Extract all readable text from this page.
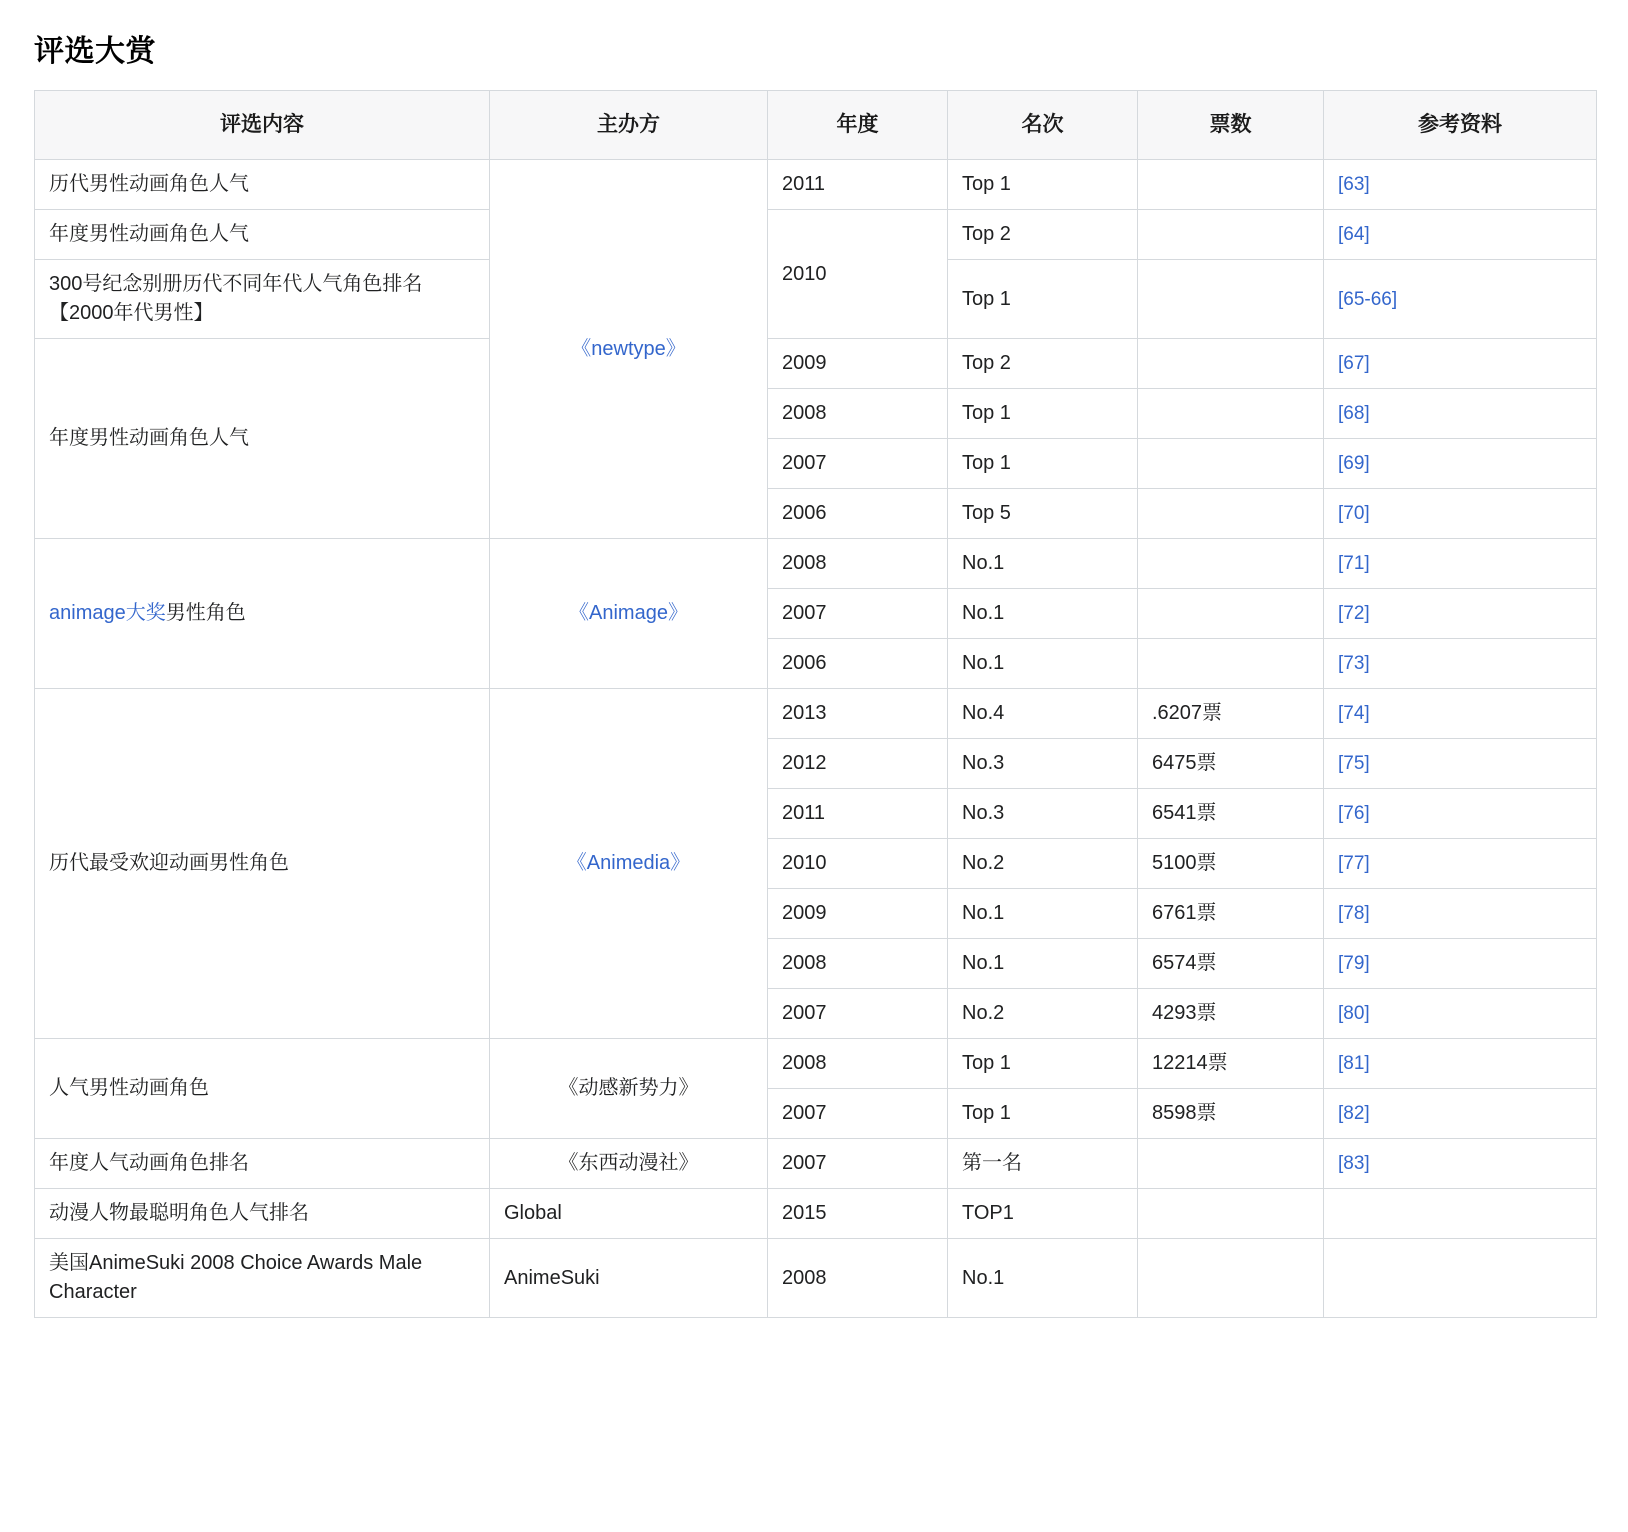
评选大赏
评选内容	主办方	年度	名次	票数	参考资料
历代男性动画角色人气	《newtype》	2011	Top 1		[63]
年度男性动画角色人气		2010	Top 2		[64]
300号纪念别册历代不同年代人气角色排名【2000年代男性】			Top 1		[65-66]
年度男性动画角色人气		2009	Top 2		[67]
		2008	Top 1		[68]
		2007	Top 1		[69]
		2006	Top 5		[70]
animage大奖男性角色	《Animage》	2008	No.1		[71]
		2007	No.1		[72]
		2006	No.1		[73]
历代最受欢迎动画男性角色	《Animedia》	2013	No.4	.6207票	[74]
		2012	No.3	6475票	[75]
		2011	No.3	6541票	[76]
		2010	No.2	5100票	[77]
		2009	No.1	6761票	[78]
		2008	No.1	6574票	[79]
		2007	No.2	4293票	[80]
人气男性动画角色	《动感新势力》	2008	Top 1	12214票	[81]
		2007	Top 1	8598票	[82]
年度人气动画角色排名	《东西动漫社》	2007	第一名		[83]
动漫人物最聪明角色人气排名	Global	2015	TOP1		
美国AnimeSuki 2008 Choice Awards Male Character	AnimeSuki	2008	No.1		
